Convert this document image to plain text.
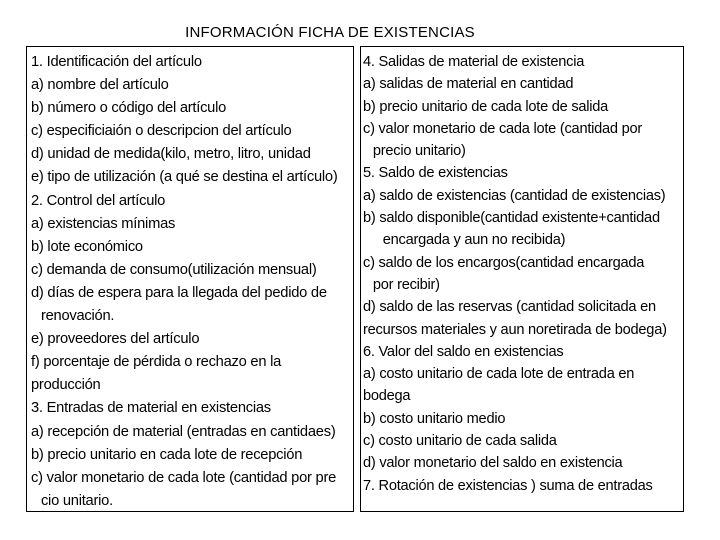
INFORMACIÓN FICHA DE EXISTENCIAS
1. Identificación del artículo
a) nombre del artículo
b) número o código del artículo
c) especificiaión o descripcion del artículo
d) unidad de medida(kilo, metro, litro, unidad
e) tipo de utilización (a qué se destina el artículo)
2. Control del artículo
a) existencias mínimas
b) lote económico
c) demanda de consumo(utilización mensual)
d) días de espera para la llegada del pedido de
renovación.
e) proveedores del artículo
f) porcentaje de pérdida o rechazo en la
producción
3. Entradas de material en existencias
a) recepción de material (entradas en cantidaes)
b) precio unitario en cada lote de recepción
c) valor monetario de cada lote (cantidad por pre
cio unitario.
4. Salidas de material de existencia
a) salidas de material en cantidad
b) precio unitario de cada lote de salida
c) valor monetario de cada lote (cantidad por
precio unitario)
5. Saldo de existencias
a) saldo de existencias (cantidad de existencias)
b) saldo disponible(cantidad existente+cantidad
encargada y aun no recibida)
c) saldo de los encargos(cantidad encargada
por recibir)
d) saldo de las reservas (cantidad solicitada en
recursos materiales y aun noretirada de bodega)
6. Valor del saldo en existencias
a) costo unitario de cada lote de entrada en
bodega
b) costo unitario medio
c) costo unitario de cada salida
d) valor monetario del saldo en existencia
7. Rotación de existencias ) suma de entradas
